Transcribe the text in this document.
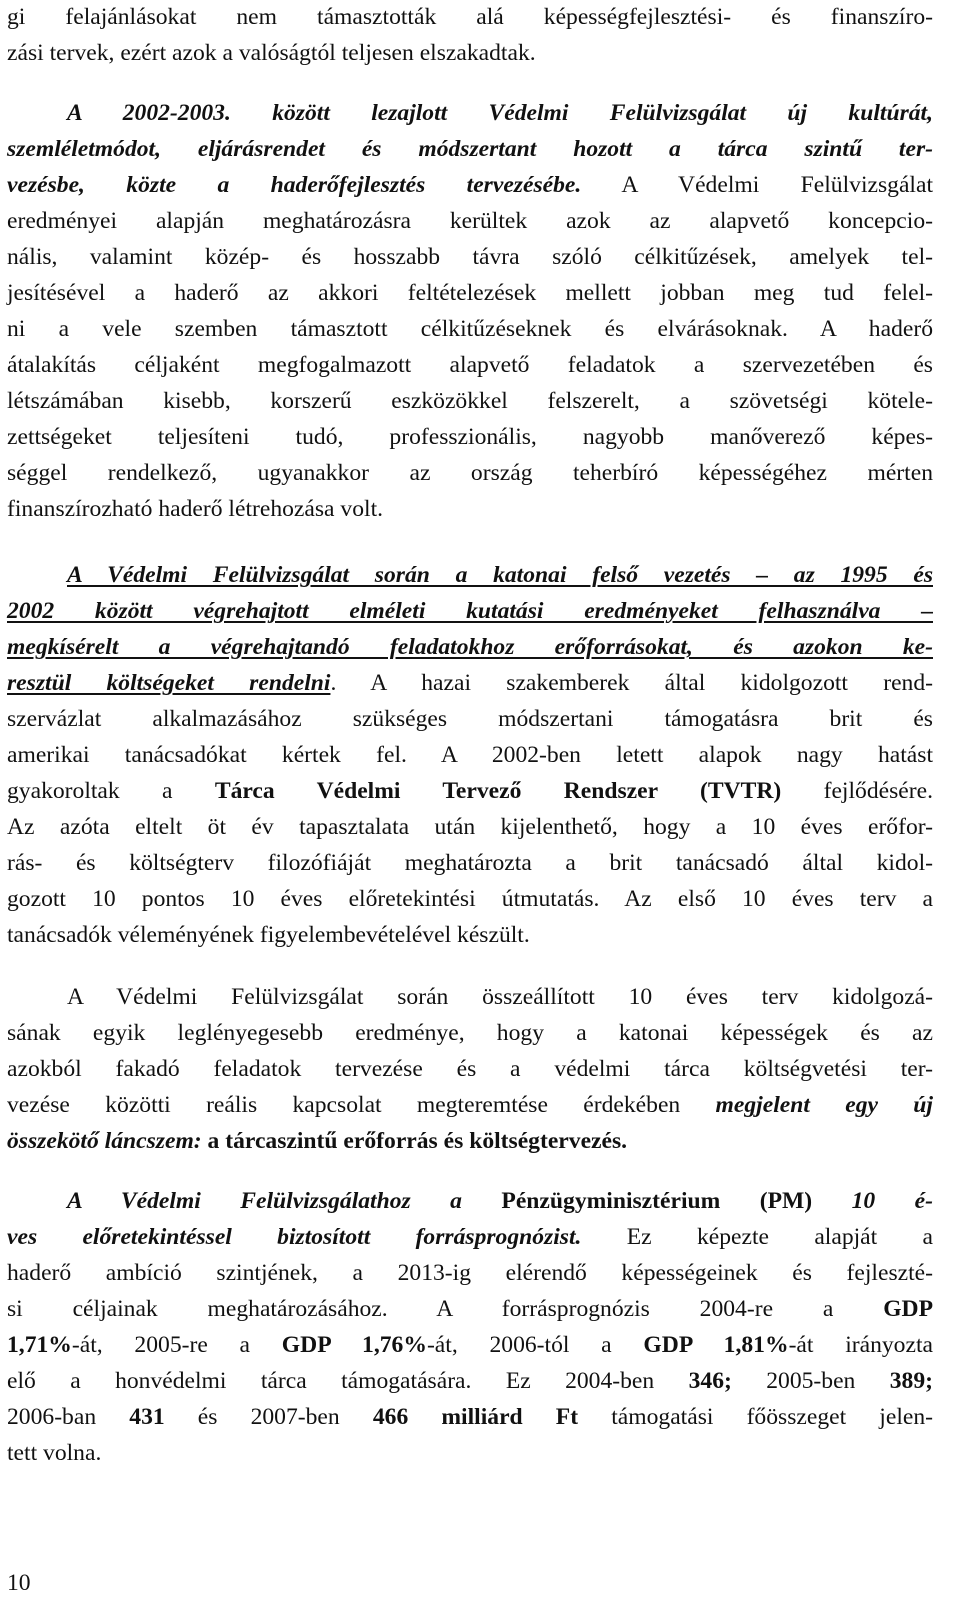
gi felajánlásokat nem támasztották alá képességfejlesztési- és finanszíro-
zási tervek, ezért azok a valóságtól teljesen elszakadtak.
A 2002-2003. között lezajlott Védelmi Felülvizsgálat új kultúrát,
szemléletmódot, eljárásrendet és módszertant hozott a tárca szintű ter-
vezésbe, közte a haderőfejlesztés tervezésébe. A Védelmi Felülvizsgálat
eredményei alapján meghatározásra kerültek azok az alapvető koncepcio-
nális, valamint közép- és hosszabb távra szóló célkitűzések, amelyek tel-
jesítésével a haderő az akkori feltételezések mellett jobban meg tud felel-
ni a vele szemben támasztott célkitűzéseknek és elvárásoknak. A haderő
átalakítás céljaként megfogalmazott alapvető feladatok a szervezetében és
létszámában kisebb, korszerű eszközökkel felszerelt, a szövetségi kötele-
zettségeket teljesíteni tudó, professzionális, nagyobb manőverező képes-
séggel rendelkező, ugyanakkor az ország teherbíró képességéhez mérten
finanszírozható haderő létrehozása volt.
A Védelmi Felülvizsgálat során a katonai felső vezetés – az 1995 és
2002 között végrehajtott elméleti kutatási eredményeket felhasználva –
megkísérelt a végrehajtandó feladatokhoz erőforrásokat, és azokon ke-
resztül költségeket rendelni. A hazai szakemberek által kidolgozott rend-
szervázlat alkalmazásához szükséges módszertani támogatásra brit és
amerikai tanácsadókat kértek fel. A 2002-ben letett alapok nagy hatást
gyakoroltak a Tárca Védelmi Tervező Rendszer (TVTR) fejlődésére.
Az azóta eltelt öt év tapasztalata után kijelenthető, hogy a 10 éves erőfor-
rás- és költségterv filozófiáját meghatározta a brit tanácsadó által kidol-
gozott 10 pontos 10 éves előretekintési útmutatás. Az első 10 éves terv a
tanácsadók véleményének figyelembevételével készült.
A Védelmi Felülvizsgálat során összeállított 10 éves terv kidolgozá-
sának egyik leglényegesebb eredménye, hogy a katonai képességek és az
azokból fakadó feladatok tervezése és a védelmi tárca költségvetési ter-
vezése közötti reális kapcsolat megteremtése érdekében megjelent egy új
összekötő láncszem: a tárcaszintű erőforrás és költségtervezés.
A Védelmi Felülvizsgálathoz a Pénzügyminisztérium (PM) 10 é-
ves előretekintéssel biztosított forrásprognózist. Ez képezte alapját a
haderő ambíció szintjének, a 2013-ig elérendő képességeinek és fejleszté-
si céljainak meghatározásához. A forrásprognózis 2004-re a GDP
1,71%-át, 2005-re a GDP 1,76%-át, 2006-tól a GDP 1,81%-át irányozta
elő a honvédelmi tárca támogatására. Ez 2004-ben 346; 2005-ben 389;
2006-ban 431 és 2007-ben 466 milliárd Ft támogatási főösszeget jelen-
tett volna.
10
